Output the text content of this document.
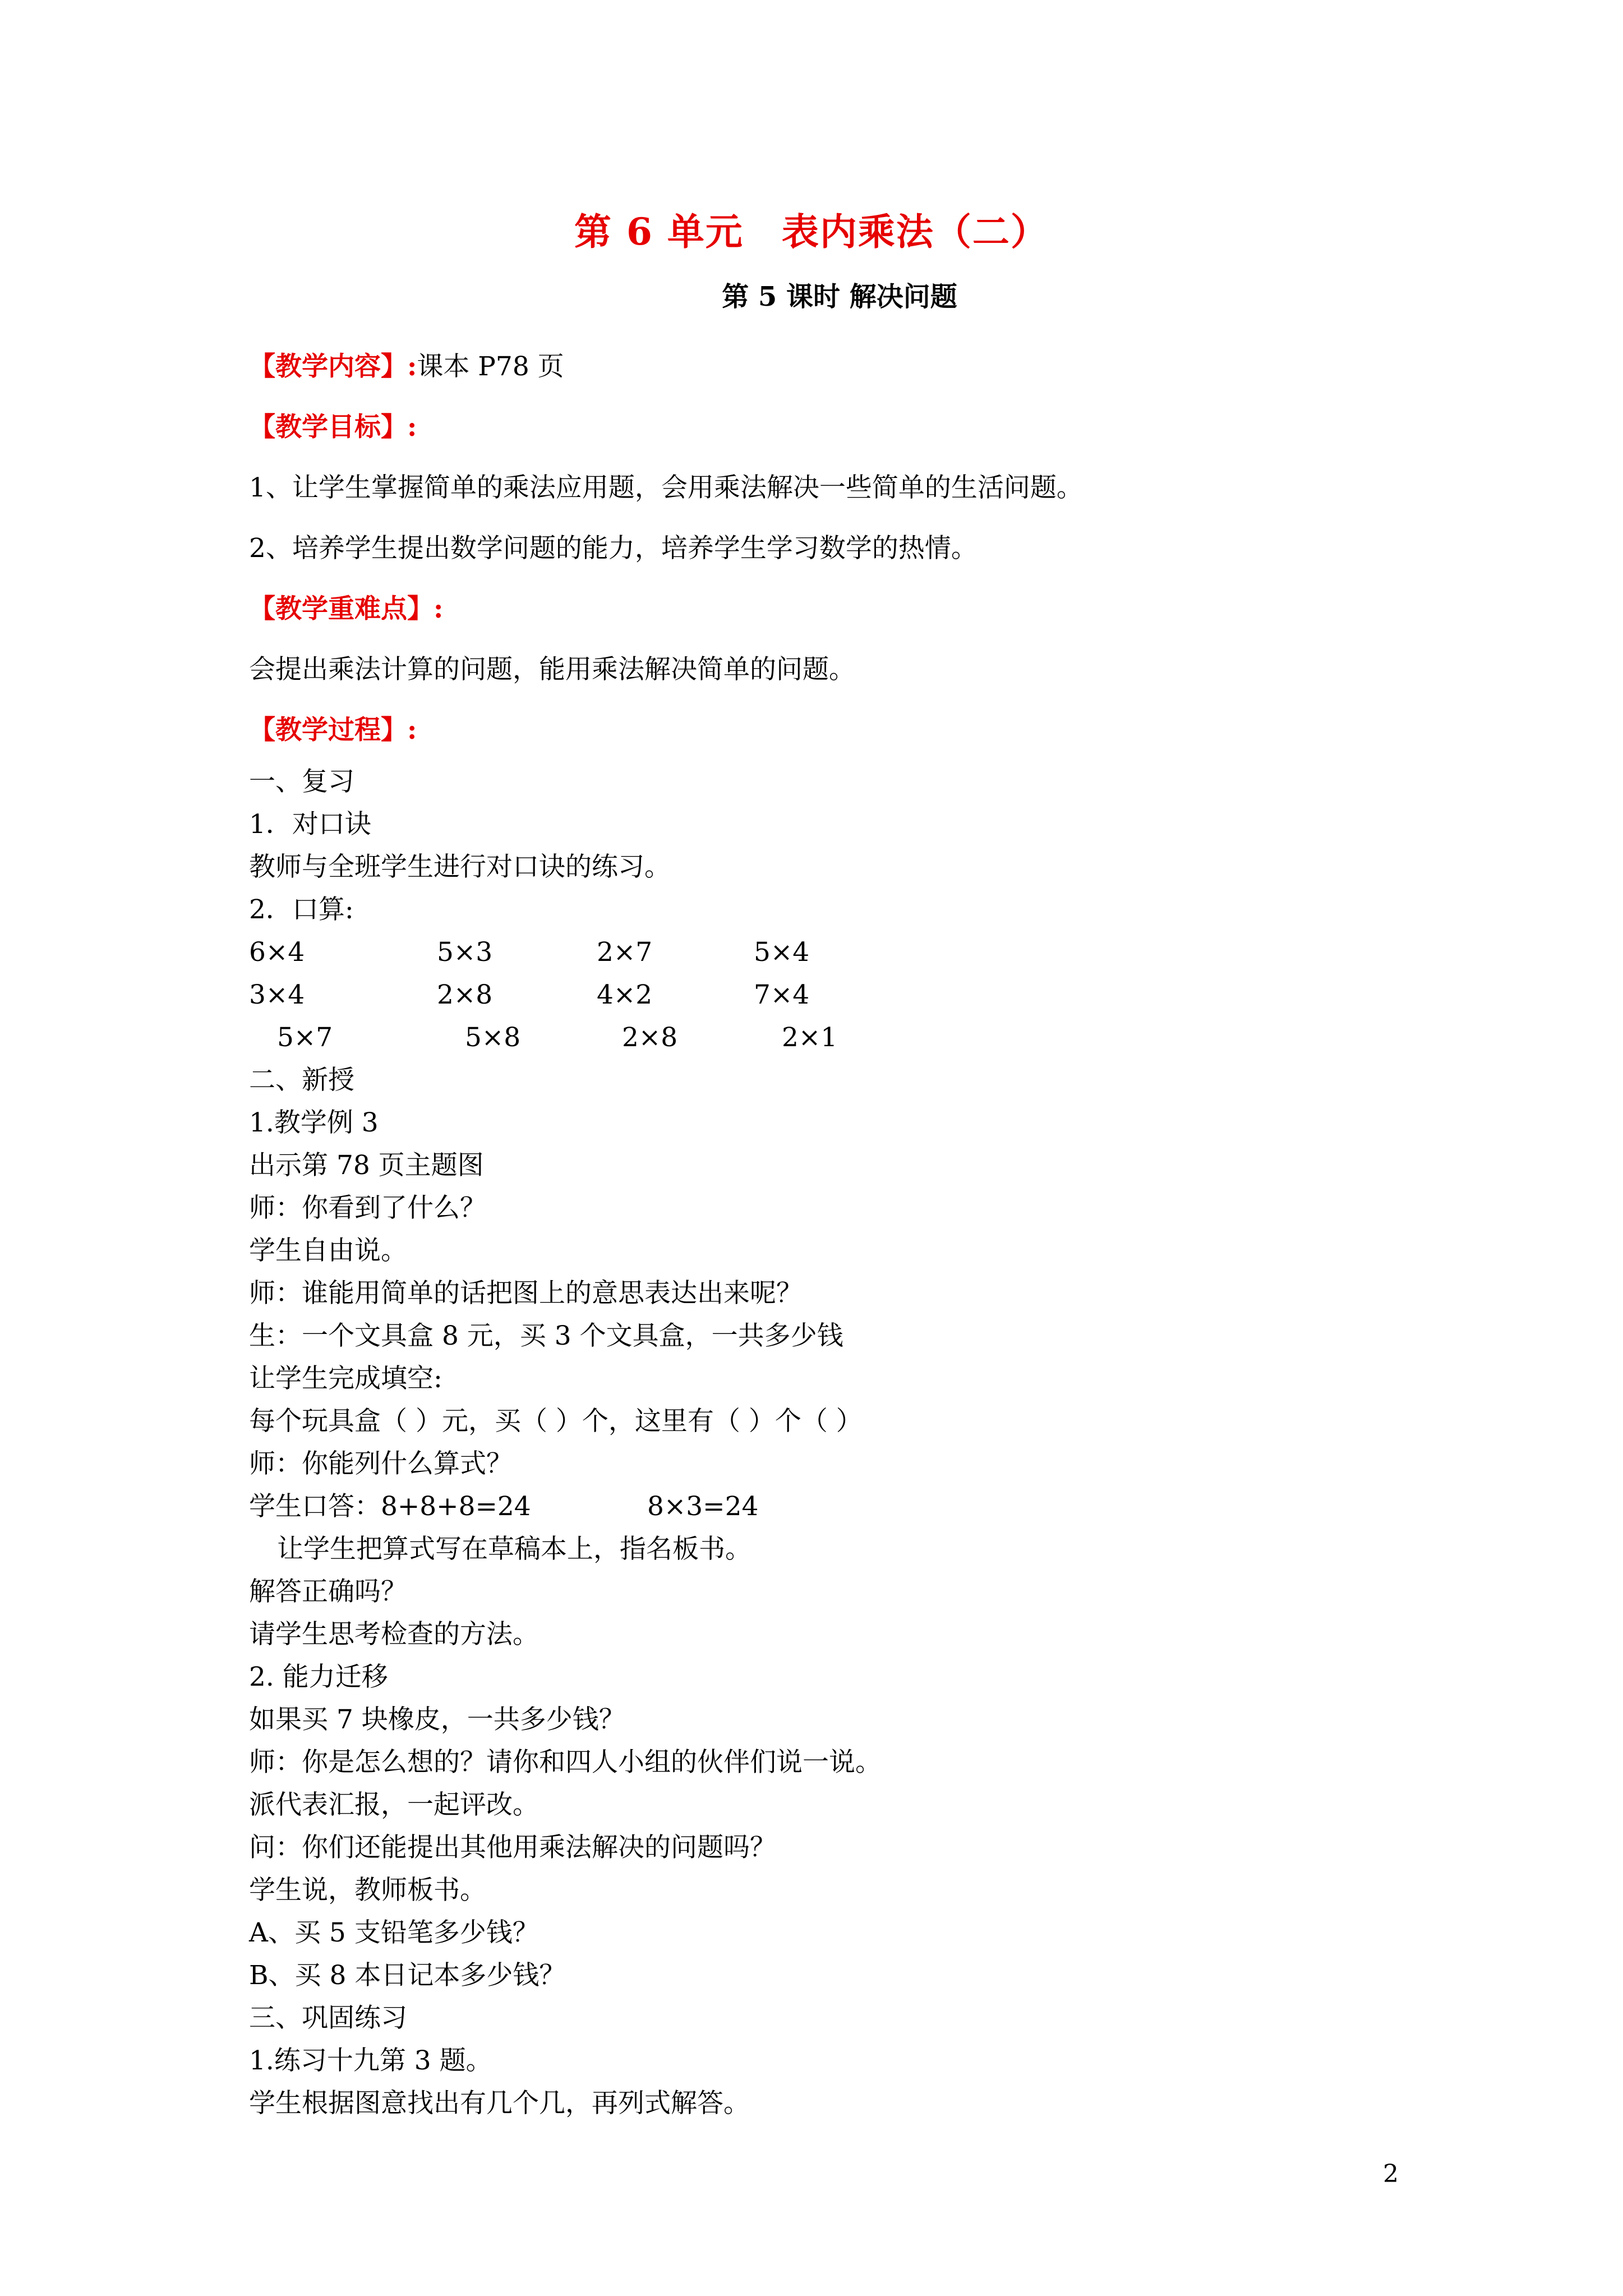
第 6 单元　表内乘法（二）
第 5 课时 解决问题
【教学内容】:课本 P78 页
【教学目标】:
1、让学生掌握简单的乘法应用题，会用乘法解决一些简单的生活问题。
2、培养学生提出数学问题的能力，培养学生学习数学的热情。
【教学重难点】:
会提出乘法计算的问题，能用乘法解决简单的问题。
【教学过程】:
一、复习
1．对口诀
教师与全班学生进行对口诀的练习。
2．口算:
6×4	5×3	2×7	5×4
3×4	2×8	4×2	7×4
5×7	5×8	2×8	2×1
二、新授
1.教学例 3
出示第 78 页主题图
师：你看到了什么？
学生自由说。
师：谁能用简单的话把图上的意思表达出来呢？
生：一个文具盒 8 元，买 3 个文具盒，一共多少钱
让学生完成填空:
每个玩具盒（ ）元，买（ ）个，这里有（ ）个（ ）
师：你能列什么算式？
学生口答：8+8+8=24	8×3=24
让学生把算式写在草稿本上，指名板书。
解答正确吗？
请学生思考检查的方法。
2. 能力迁移
如果买 7 块橡皮，一共多少钱？
师：你是怎么想的？请你和四人小组的伙伴们说一说。
派代表汇报，一起评改。
问：你们还能提出其他用乘法解决的问题吗？
学生说，教师板书。
A、买 5 支铅笔多少钱？
B、买 8 本日记本多少钱？
三、巩固练习
1.练习十九第 3 题。
学生根据图意找出有几个几，再列式解答。
2
